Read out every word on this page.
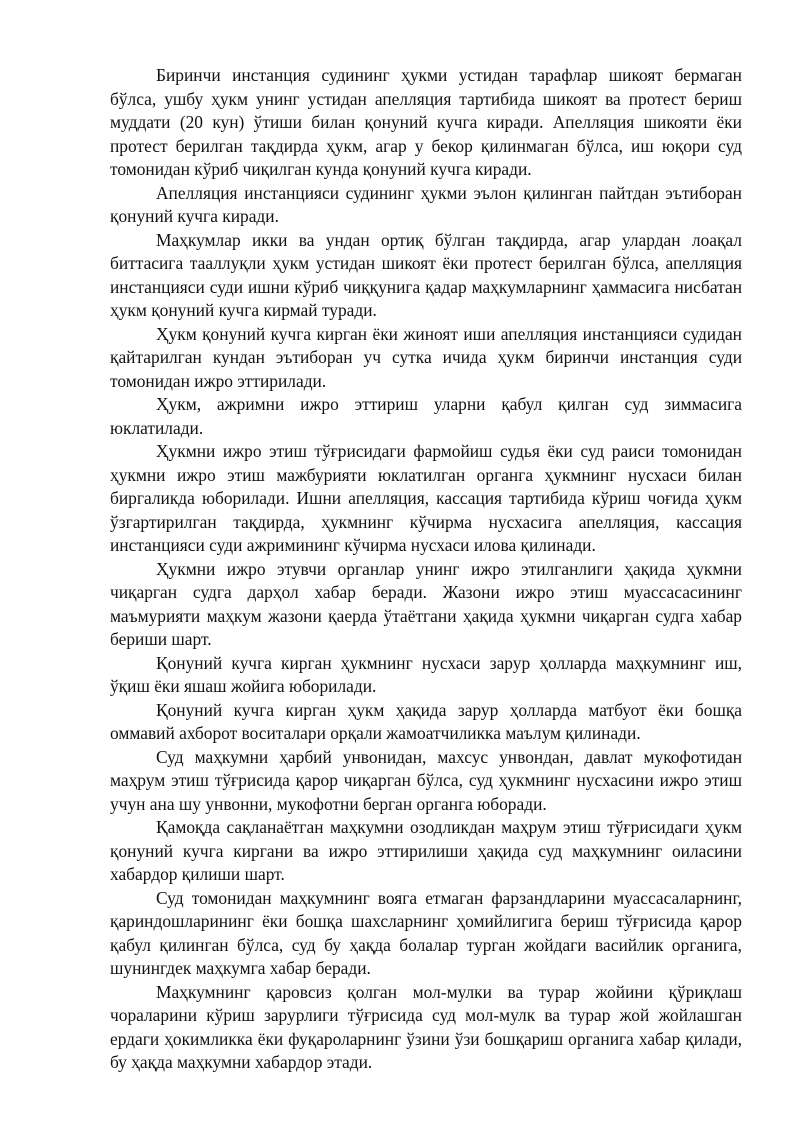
Биринчи инстанция судининг ҳукми устидан тарафлар шикоят бермаган бўлса, ушбу ҳукм унинг устидан апелляция тартибида шикоят ва протест бериш муддати (20 кун) ўтиши билан қонуний кучга киради. Апелляция шикояти ёки протест берилган тақдирда ҳукм, агар у бекор қилинмаган бўлса, иш юқори суд томонидан кўриб чиқилган кунда қонуний кучга киради.

Апелляция инстанцияси судининг ҳукми эълон қилинган пайтдан эътиборан қонуний кучга киради.

Маҳкумлар икки ва ундан ортиқ бўлган тақдирда, агар улардан лоақал биттасига тааллуқли ҳукм устидан шикоят ёки протест берилган бўлса, апелляция инстанцияси суди ишни кўриб чиққунига қадар маҳкумларнинг ҳаммасига нисбатан ҳукм қонуний кучга кирмай туради.

Ҳукм қонуний кучга кирган ёки жиноят иши апелляция инстанцияси судидан қайтарилган кундан эътиборан уч сутка ичида ҳукм биринчи инстанция суди томонидан ижро эттирилади.

Ҳукм, ажримни ижро эттириш уларни қабул қилган суд зиммасига юклатилади.

Ҳукмни ижро этиш тўғрисидаги фармойиш судья ёки суд раиси томонидан ҳукмни ижро этиш мажбурияти юклатилган органга ҳукмнинг нусхаси билан биргаликда юборилади. Ишни апелляция, кассация тартибида кўриш чоғида ҳукм ўзгартирилган тақдирда, ҳукмнинг кўчирма нусхасига апелляция, кассация инстанцияси суди ажримининг кўчирма нусхаси илова қилинади.

Ҳукмни ижро этувчи органлар унинг ижро этилганлиги ҳақида ҳукмни чиқарган судга дарҳол хабар беради. Жазони ижро этиш муассасасининг маъмурияти маҳкум жазони қаерда ўтаётгани ҳақида ҳукмни чиқарган судга хабар бериши шарт.

Қонуний кучга кирган ҳукмнинг нусхаси зарур ҳолларда маҳкумнинг иш, ўқиш ёки яшаш жойига юборилади.

Қонуний кучга кирган ҳукм ҳақида зарур ҳолларда матбуот ёки бошқа оммавий ахборот воситалари орқали жамоатчиликка маълум қилинади.

Суд маҳкумни ҳарбий унвонидан, махсус унвондан, давлат мукофотидан маҳрум этиш тўғрисида қарор чиқарган бўлса, суд ҳукмнинг нусхасини ижро этиш учун ана шу унвонни, мукофотни берган органга юборади.

Қамоқда сақланаётган маҳкумни озодликдан маҳрум этиш тўғрисидаги ҳукм қонуний кучга киргани ва ижро эттирилиши ҳақида суд маҳкумнинг оиласини хабардор қилиши шарт.

Суд томонидан маҳкумнинг вояга етмаган фарзандларини муассасаларнинг, қариндошларининг ёки бошқа шахсларнинг ҳомийлигига бериш тўғрисида қарор қабул қилинган бўлса, суд бу ҳақда болалар турган жойдаги васийлик органига, шунингдек маҳкумга хабар беради.

Маҳкумнинг қаровсиз қолган мол-мулки ва турар жойини қўриқлаш чораларини кўриш зарурлиги тўғрисида суд мол-мулк ва турар жой жойлашган ердаги ҳокимликка ёки фуқароларнинг ўзини ўзи бошқариш органига хабар қилади, бу ҳақда маҳкумни хабардор этади.
